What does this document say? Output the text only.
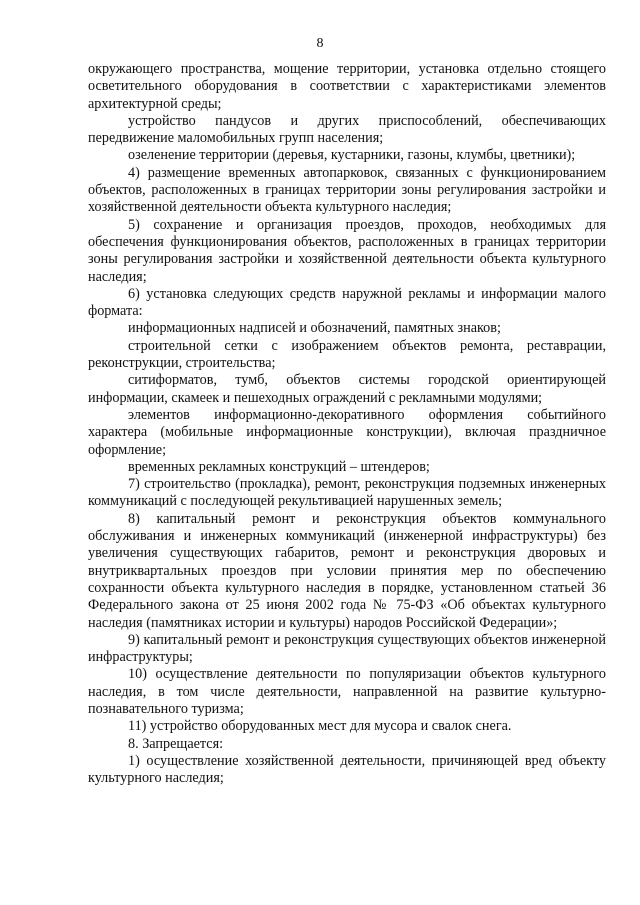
8

окружающего пространства, мощение территории, установка отдельно стоящего осветительного оборудования в соответствии с характеристиками элементов архитектурной среды;

устройство пандусов и других приспособлений, обеспечивающих передвижение маломобильных групп населения;

озеленение территории (деревья, кустарники, газоны, клумбы, цветники);

4) размещение временных автопарковок, связанных с функционированием объектов, расположенных в границах территории зоны регулирования застройки и хозяйственной деятельности объекта культурного наследия;

5) сохранение и организация проездов, проходов, необходимых для обеспечения функционирования объектов, расположенных в границах территории зоны регулирования застройки и хозяйственной деятельности объекта культурного наследия;

6) установка следующих средств наружной рекламы и информации малого формата:

информационных надписей и обозначений, памятных знаков;

строительной сетки с изображением объектов ремонта, реставрации, реконструкции, строительства;

ситиформатов, тумб, объектов системы городской ориентирующей информации, скамеек и пешеходных ограждений с рекламными модулями;

элементов информационно-декоративного оформления событийного характера (мобильные информационные конструкции), включая праздничное оформление;

временных рекламных конструкций – штендеров;

7) строительство (прокладка), ремонт, реконструкция подземных инженерных коммуникаций с последующей рекультивацией нарушенных земель;

8) капитальный ремонт и реконструкция объектов коммунального обслуживания и инженерных коммуникаций (инженерной инфраструктуры) без увеличения существующих габаритов, ремонт и реконструкция дворовых и внутриквартальных проездов при условии принятия мер по обеспечению сохранности объекта культурного наследия в порядке, установленном статьей 36 Федерального закона от 25 июня 2002 года № 75-ФЗ «Об объектах культурного наследия (памятниках истории и культуры) народов Российской Федерации»;

9) капитальный ремонт и реконструкция существующих объектов инженерной инфраструктуры;

10) осуществление деятельности по популяризации объектов культурного наследия, в том числе деятельности, направленной на развитие культурно-познавательного туризма;

11) устройство оборудованных мест для мусора и свалок снега.

8. Запрещается:

1) осуществление хозяйственной деятельности, причиняющей вред объекту культурного наследия;
